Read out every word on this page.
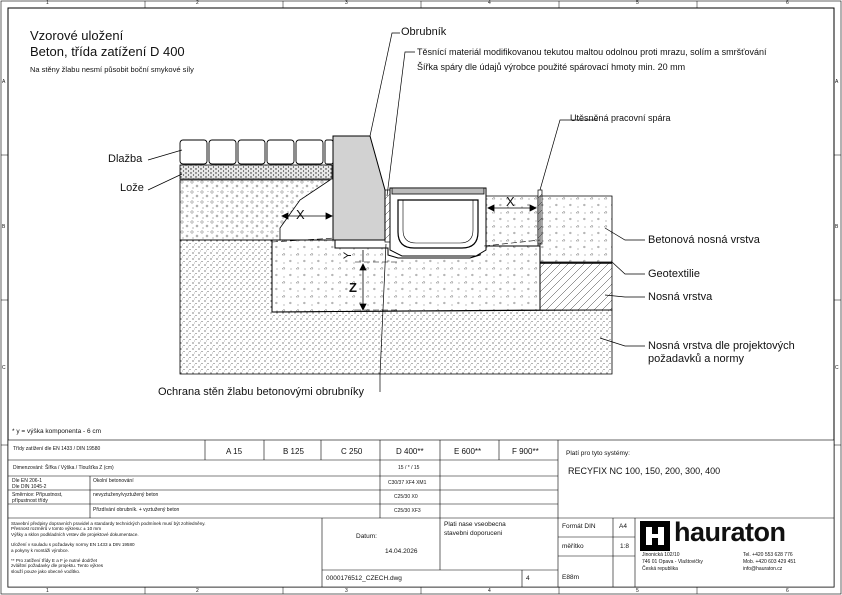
1	2	3	4	5	6
1	2	3	4	5	6
A
B
C
A
B
C
Vzorové uložení
Beton, třída zatížení D 400
Na stěny žlabu nesmí působit boční smykové síly
Obrubník
Těsnící materiál modifikovanou tekutou maltou odolnou proti mrazu, solím a smršťování
Šířka spáry dle údajů výrobce použité spárovací hmoty min. 20 mm
Utěsněná pracovní spára
Dlažba
Lože
Betonová nosná vrstva
Geotextilie
Nosná vrstva
Nosná vrstva dle projektových
požadavků a normy
Ochrana stěn žlabu betonovými obrubníky
X
X
Y
Z
* y = výška komponenta - 6 cm
Třídy zatížení dle EN 1433 / DIN 19580	A 15	B 125	C 250	D 400**	E 600**	F 900**
Dimenzování: Šířka / Výška / Tloušťka Z (cm)	15 / * / 15
Dle EN 206-1
Dle DIN 1045-2
Okolní betonování	C30/37 XF4 XM1
Směrnice: Přípustnost,
přípustnost třídy
nevyztuženy/vyztužený beton	C25/30 X0
Přizdívání obrubník. + vyztužený beton	C25/30 XF3
Platí pro tyto systémy:
RECYFIX NC 100, 150, 200, 300, 400
Stavební předpisy dopravních pravidel a standardy technických podmínek musí být zohledněny.
Přesnost rozměrů v tomto výkresu: ± 10 mm
Výšky a sklon podkladních vrstev dle projektové dokumentace.
Uložení v souladu s požadavky normy EN 1433 a DIN 19580
a pokyny k montáži výrobce.
** Pro zatížení třídy E a F je nutné dodržet
zvláštní požadavky dle projektu. Tento výkres
slouží pouze jako obecné vodítko.
Plati nase vseobecna
stavebni doporuceni
Datum:
14.04.2026
0000176512_CZECH.dwg	4
Formát DIN	A4
měřítko	1:8
E88m
hauraton
Jinonická 102/10
746 01 Opava - Vlaštovičky
Česká republika
Tel. +420 553 628 776
Mob. +420 603 429 451
info@hauraton.cz
